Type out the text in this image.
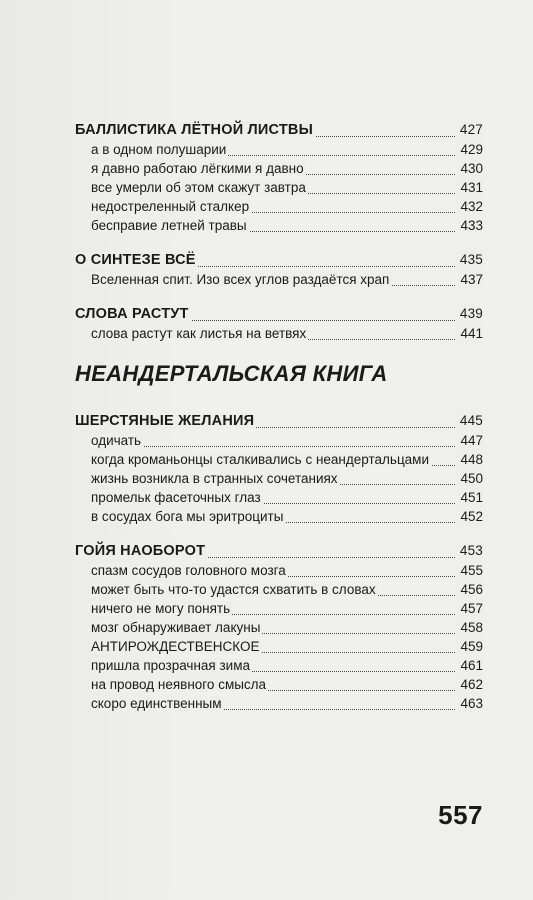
БАЛЛИСТИКА ЛЁТНОЙ ЛИСТВЫ	427
а в одном полушарии	429
я давно работаю лёгкими я давно	430
все умерли об этом скажут завтра	431
недостреленный сталкер	432
бесправие летней травы	433
О СИНТЕЗЕ ВСЁ	435
Вселенная спит. Изо всех углов раздаётся храп	437
СЛОВА РАСТУТ	439
слова растут как листья на ветвях	441
НЕАНДЕРТАЛЬСКАЯ КНИГА
ШЕРСТЯНЫЕ ЖЕЛАНИЯ	445
одичать	447
когда кроманьонцы сталкивались с неандертальцами 448
жизнь возникла в странных сочетаниях	450
промельк фасеточных глаз	451
в сосудах бога мы эритроциты	452
ГОЙЯ НАОБОРОТ	453
спазм сосудов головного мозга	455
может быть что-то удастся схватить в словах	456
ничего не могу понять	457
мозг обнаруживает лакуны	458
АНТИРОЖДЕСТВЕНСКОЕ	459
пришла прозрачная зима	461
на провод неявного смысла	462
скоро единственным	463
557
